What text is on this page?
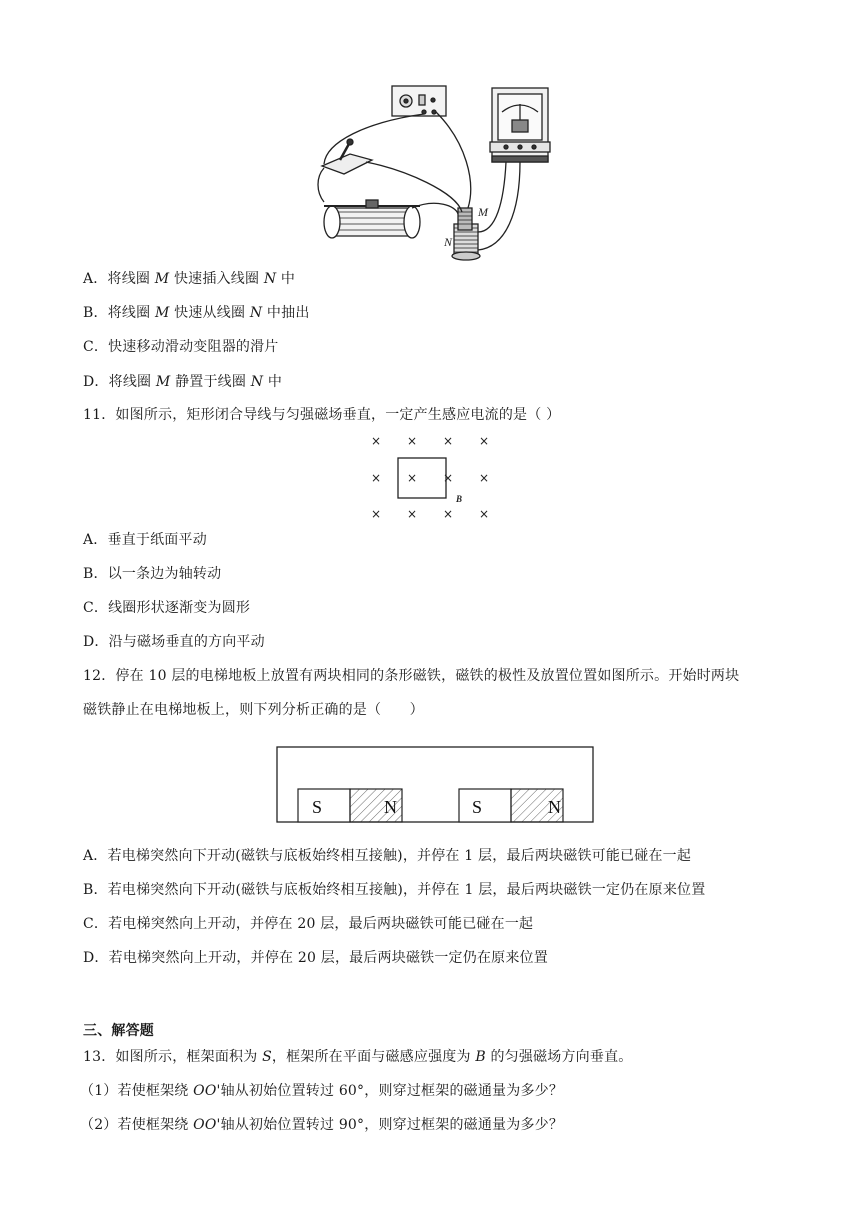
M
N
A．将线圈 M 快速插入线圈 N 中
B．将线圈 M 快速从线圈 N 中抽出
C．快速移动滑动变阻器的滑片
D．将线圈 M 静置于线圈 N 中
11．如图所示，矩形闭合导线与匀强磁场垂直，一定产生感应电流的是（ ）
× × × ×
× × × ×
× × × ×
B
A．垂直于纸面平动
B．以一条边为轴转动
C．线圈形状逐渐变为圆形
D．沿与磁场垂直的方向平动
12．停在 10 层的电梯地板上放置有两块相同的条形磁铁，磁铁的极性及放置位置如图所示。开始时两块
磁铁静止在电梯地板上，则下列分析正确的是（　　）
S	N	S	N
A．若电梯突然向下开动(磁铁与底板始终相互接触)，并停在 1 层，最后两块磁铁可能已碰在一起
B．若电梯突然向下开动(磁铁与底板始终相互接触)，并停在 1 层，最后两块磁铁一定仍在原来位置
C．若电梯突然向上开动，并停在 20 层，最后两块磁铁可能已碰在一起
D．若电梯突然向上开动，并停在 20 层，最后两块磁铁一定仍在原来位置
三、解答题
13．如图所示，框架面积为 S，框架所在平面与磁感应强度为 B 的匀强磁场方向垂直。
（1）若使框架绕 OO'轴从初始位置转过 60°，则穿过框架的磁通量为多少？
（2）若使框架绕 OO'轴从初始位置转过 90°，则穿过框架的磁通量为多少？
